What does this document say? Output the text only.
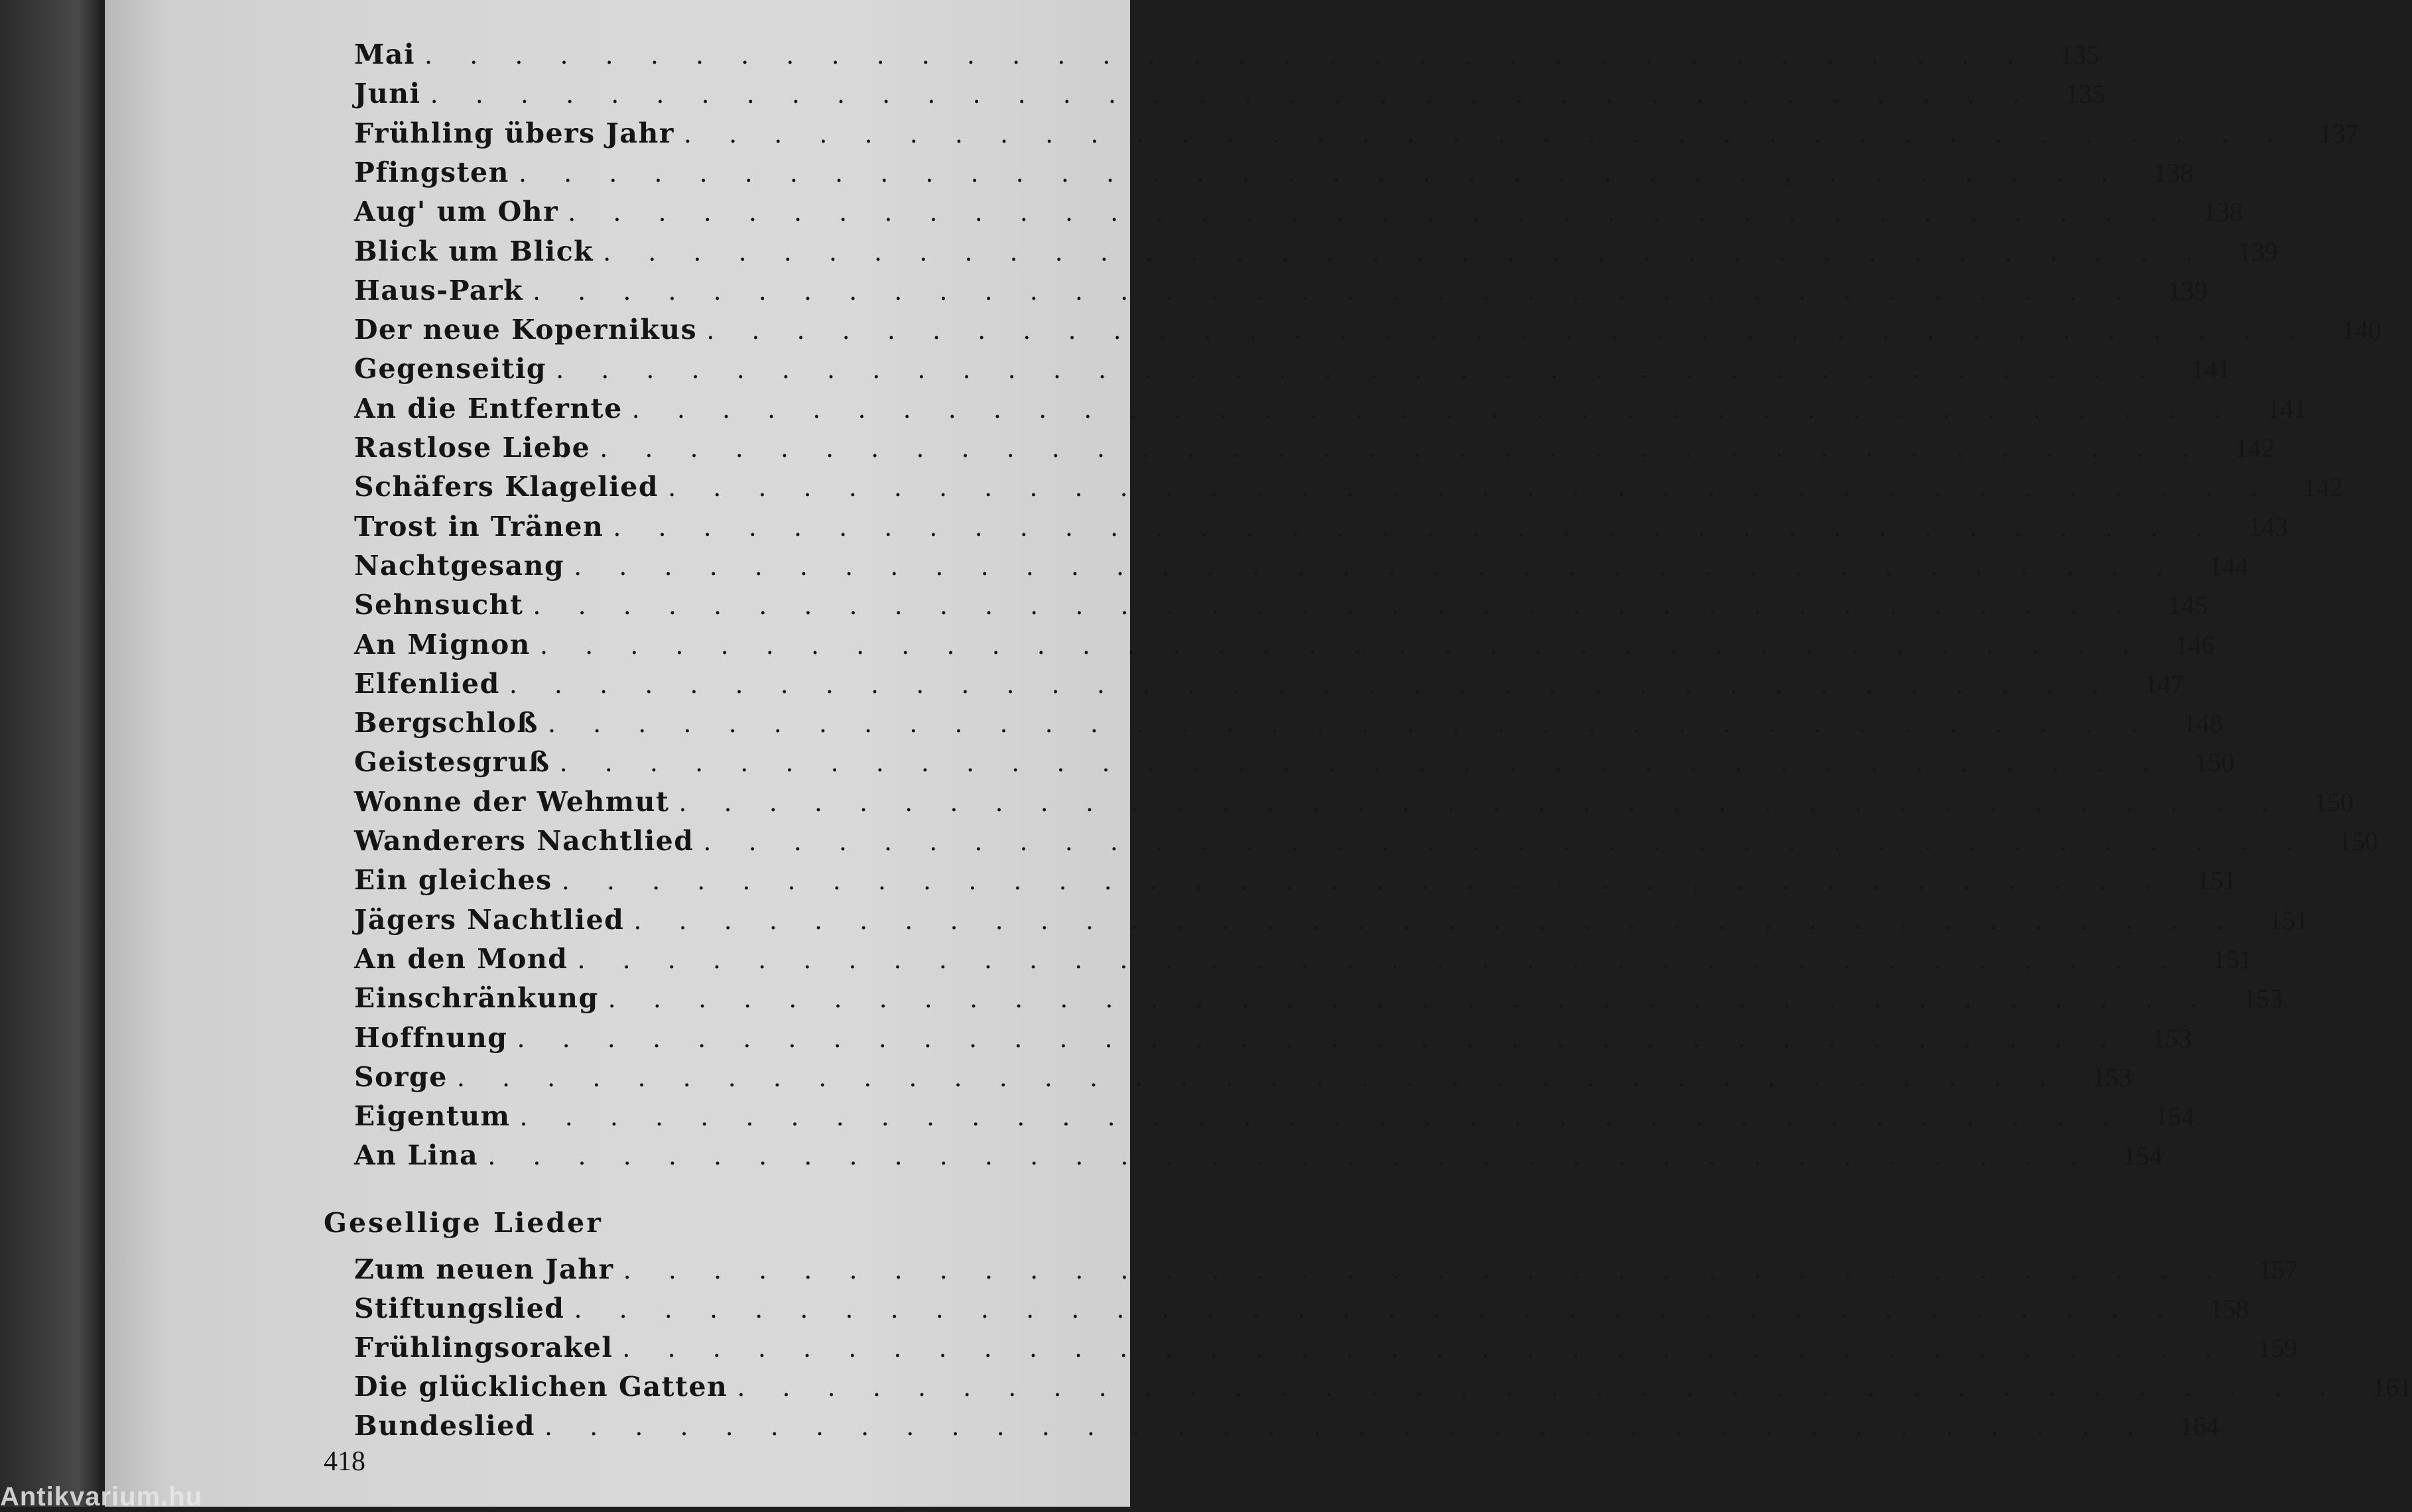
Mai . . . . . . . . . . . . . . . . . . . . . . . . . . . . . . . . . . . .	135
Juni . . . . . . . . . . . . . . . . . . . . . . . . . . . . . . . . . . . .	135
Frühling übers Jahr . . . . . . . . . . . . . . . . . . . . . . . . . . . . . . . . . . . .	137
Pfingsten . . . . . . . . . . . . . . . . . . . . . . . . . . . . . . . . . . . .	138
Aug' um Ohr . . . . . . . . . . . . . . . . . . . . . . . . . . . . . . . . . . . .	138
Blick um Blick . . . . . . . . . . . . . . . . . . . . . . . . . . . . . . . . . . . .	139
Haus-Park . . . . . . . . . . . . . . . . . . . . . . . . . . . . . . . . . . . .	139
Der neue Kopernikus . . . . . . . . . . . . . . . . . . . . . . . . . . . . . . . . . . . .	140
Gegenseitig . . . . . . . . . . . . . . . . . . . . . . . . . . . . . . . . . . . .	141
An die Entfernte . . . . . . . . . . . . . . . . . . . . . . . . . . . . . . . . . . . .	141
Rastlose Liebe . . . . . . . . . . . . . . . . . . . . . . . . . . . . . . . . . . . .	142
Schäfers Klagelied . . . . . . . . . . . . . . . . . . . . . . . . . . . . . . . . . . . .	142
Trost in Tränen . . . . . . . . . . . . . . . . . . . . . . . . . . . . . . . . . . . .	143
Nachtgesang . . . . . . . . . . . . . . . . . . . . . . . . . . . . . . . . . . . .	144
Sehnsucht . . . . . . . . . . . . . . . . . . . . . . . . . . . . . . . . . . . .	145
An Mignon . . . . . . . . . . . . . . . . . . . . . . . . . . . . . . . . . . . .	146
Elfenlied . . . . . . . . . . . . . . . . . . . . . . . . . . . . . . . . . . . .	147
Bergschloß . . . . . . . . . . . . . . . . . . . . . . . . . . . . . . . . . . . .	148
Geistesgruß . . . . . . . . . . . . . . . . . . . . . . . . . . . . . . . . . . . .	150
Wonne der Wehmut . . . . . . . . . . . . . . . . . . . . . . . . . . . . . . . . . . . .	150
Wanderers Nachtlied . . . . . . . . . . . . . . . . . . . . . . . . . . . . . . . . . . . .	150
Ein gleiches . . . . . . . . . . . . . . . . . . . . . . . . . . . . . . . . . . . .	151
Jägers Nachtlied . . . . . . . . . . . . . . . . . . . . . . . . . . . . . . . . . . . .	151
An den Mond . . . . . . . . . . . . . . . . . . . . . . . . . . . . . . . . . . . .	151
Einschränkung . . . . . . . . . . . . . . . . . . . . . . . . . . . . . . . . . . . .	153
Hoffnung . . . . . . . . . . . . . . . . . . . . . . . . . . . . . . . . . . . .	153
Sorge . . . . . . . . . . . . . . . . . . . . . . . . . . . . . . . . . . . .	153
Eigentum . . . . . . . . . . . . . . . . . . . . . . . . . . . . . . . . . . . .	154
An Lina . . . . . . . . . . . . . . . . . . . . . . . . . . . . . . . . . . . .	154
Zum neuen Jahr . . . . . . . . . . . . . . . . . . . . . . . . . . . . . . . . . . . .	157
Stiftungslied . . . . . . . . . . . . . . . . . . . . . . . . . . . . . . . . . . . .	158
Frühlingsorakel . . . . . . . . . . . . . . . . . . . . . . . . . . . . . . . . . . . .	159
Die glücklichen Gatten . . . . . . . . . . . . . . . . . . . . . . . . . . . . . . . . . . . .	161
Bundeslied . . . . . . . . . . . . . . . . . . . . . . . . . . . . . . . . . . . .	164
Gesellige Lieder
418
Antikvarium.hu
